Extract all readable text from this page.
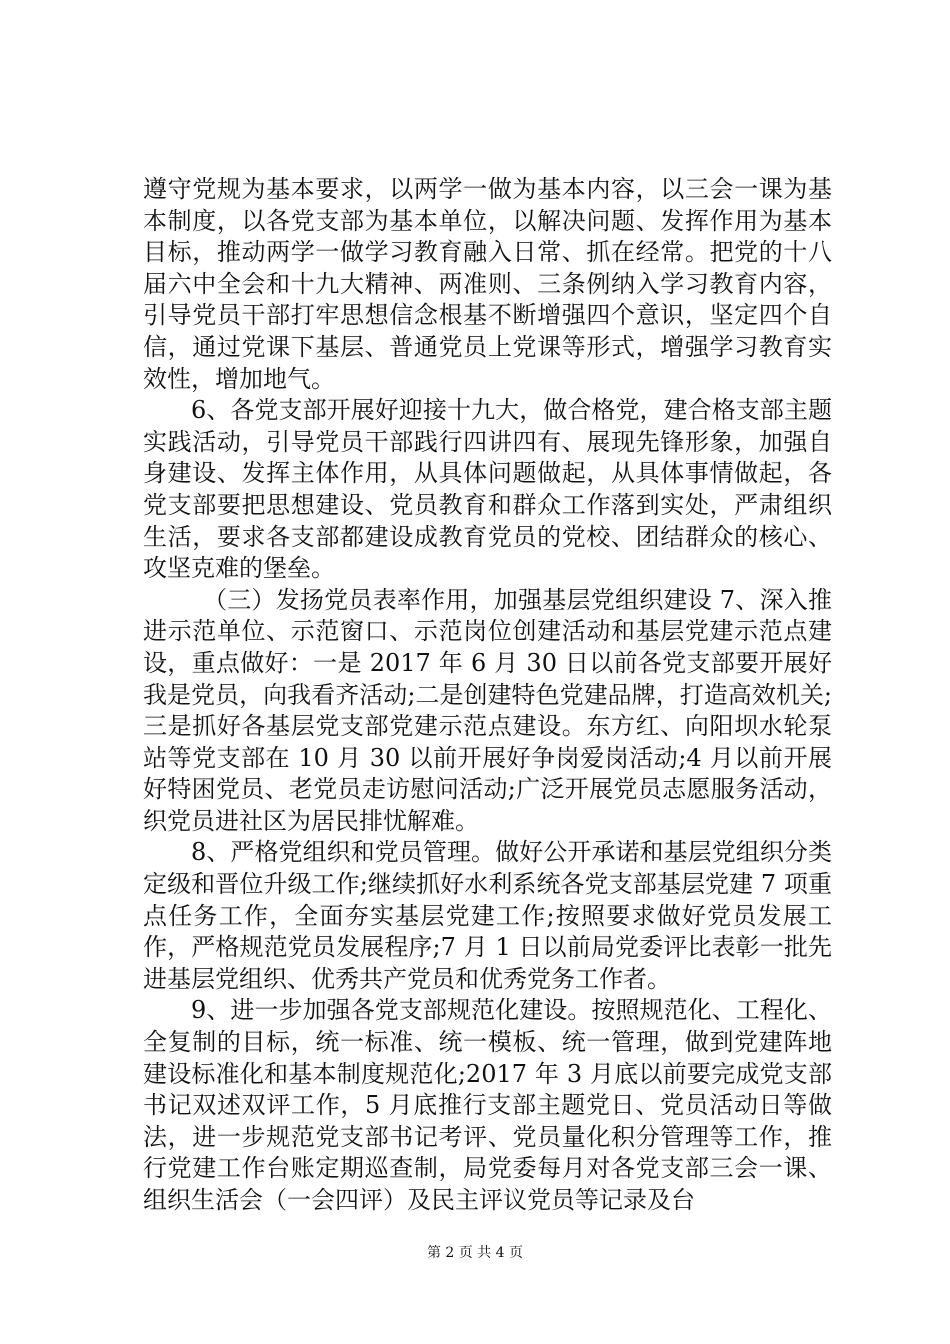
遵守党规为基本要求，以两学一做为基本内容，以三会一课为基本制度，以各党支部为基本单位，以解决问题、发挥作用为基本目标，推动两学一做学习教育融入日常、抓在经常。把党的十八届六中全会和十九大精神、两准则、三条例纳入学习教育内容，引导党员干部打牢思想信念根基不断增强四个意识，坚定四个自信，通过党课下基层、普通党员上党课等形式，增强学习教育实效性，增加地气。

6、各党支部开展好迎接十九大，做合格党，建合格支部主题实践活动，引导党员干部践行四讲四有、展现先锋形象，加强自身建设、发挥主体作用，从具体问题做起，从具体事情做起，各党支部要把思想建设、党员教育和群众工作落到实处，严肃组织生活，要求各支部都建设成教育党员的党校、团结群众的核心、攻坚克难的堡垒。

（三）发扬党员表率作用，加强基层党组织建设 7、深入推进示范单位、示范窗口、示范岗位创建活动和基层党建示范点建设，重点做好：一是 2017 年 6 月 30 日以前各党支部要开展好我是党员，向我看齐活动;二是创建特色党建品牌，打造高效机关;三是抓好各基层党支部党建示范点建设。东方红、向阳坝水轮泵站等党支部在 10 月 30 以前开展好争岗爱岗活动;4 月以前开展好特困党员、老党员走访慰问活动;广泛开展党员志愿服务活动，织党员进社区为居民排忧解难。

8、严格党组织和党员管理。做好公开承诺和基层党组织分类定级和晋位升级工作;继续抓好水利系统各党支部基层党建 7 项重点任务工作，全面夯实基层党建工作;按照要求做好党员发展工作，严格规范党员发展程序;7 月 1 日以前局党委评比表彰一批先进基层党组织、优秀共产党员和优秀党务工作者。

9、进一步加强各党支部规范化建设。按照规范化、工程化、全复制的目标，统一标准、统一模板、统一管理，做到党建阵地建设标准化和基本制度规范化;2017 年 3 月底以前要完成党支部书记双述双评工作，5 月底推行支部主题党日、党员活动日等做法，进一步规范党支部书记考评、党员量化积分管理等工作，推行党建工作台账定期巡查制，局党委每月对各党支部三会一课、组织生活会（一会四评）及民主评议党员等记录及台

第 2 页 共 4 页
